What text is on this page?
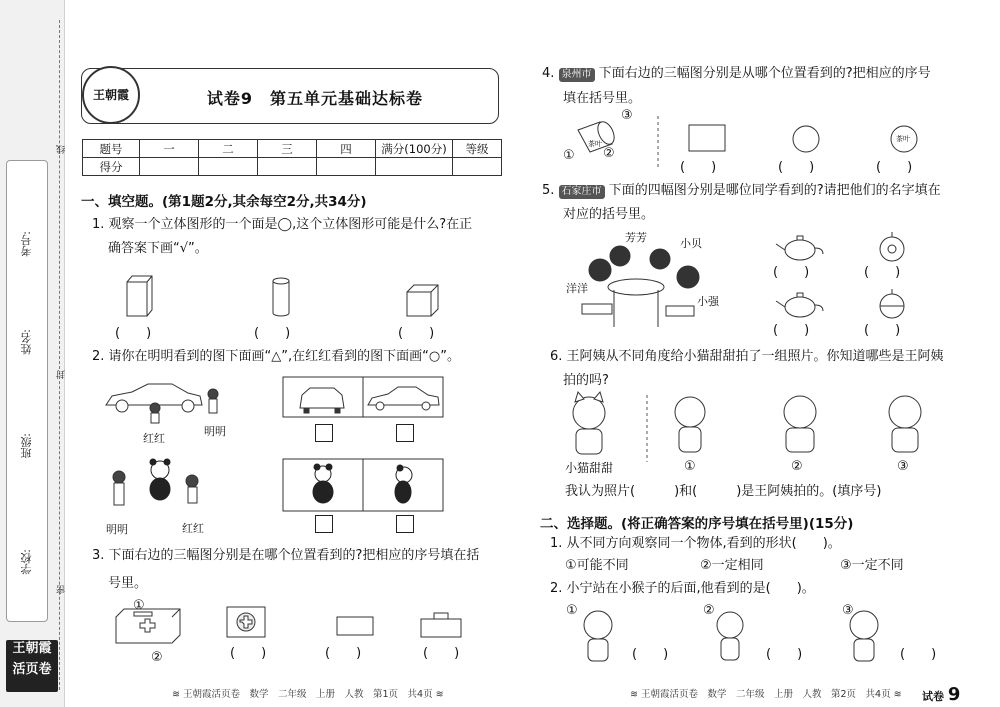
学校:
班级:
姓名:
考号:
线
封
密
王朝霞
活页卷
王朝霞	试卷9　第五单元基础达标卷
题号	一	二	三	四	满分(100分)	等级
得分						
一、填空题。(第1题2分,其余每空2分,共34分)
1. 观察一个立体图形的一个面是◯,这个立体图形可能是什么?在正
确答案下画“√”。
(　　)	(　　)	(　　)
2. 请你在明明看到的图下面画“△”,在红红看到的图下面画“○”。
红红
明明
明明	红红
3. 下面右边的三幅图分别是在哪个位置看到的?把相应的序号填在括
号里。
①
②	(　　)	(　　)	(　　)
4. 泉州市 下面右边的三幅图分别是从哪个位置看到的?把相应的序号
填在括号里。
③
① ②
茶叶
茶叶
(　　)	(　　)	(　　)
5. 石家庄市 下面的四幅图分别是哪位同学看到的?请把他们的名字填在
对应的括号里。
芳芳	小贝
洋洋
小强
(　　)	(　　)
(　　)	(　　)
6. 王阿姨从不同角度给小猫甜甜拍了一组照片。你知道哪些是王阿姨
拍的吗?
小猫甜甜	①	②	③
我认为照片(　　　)和(　　　)是王阿姨拍的。(填序号)
二、选择题。(将正确答案的序号填在括号里)(15分)
1. 从不同方向观察同一个物体,看到的形状(　　)。
①可能不同	②一定相同	③一定不同
2. 小宁站在小猴子的后面,他看到的是(　　)。
①	②	③
(　　)	(　　)	(　　)
≋ 王朝霞活页卷　数学　二年级　上册　人教　第1页　共4页 ≋	≋ 王朝霞活页卷　数学　二年级　上册　人教　第2页　共4页 ≋ 试卷 9
